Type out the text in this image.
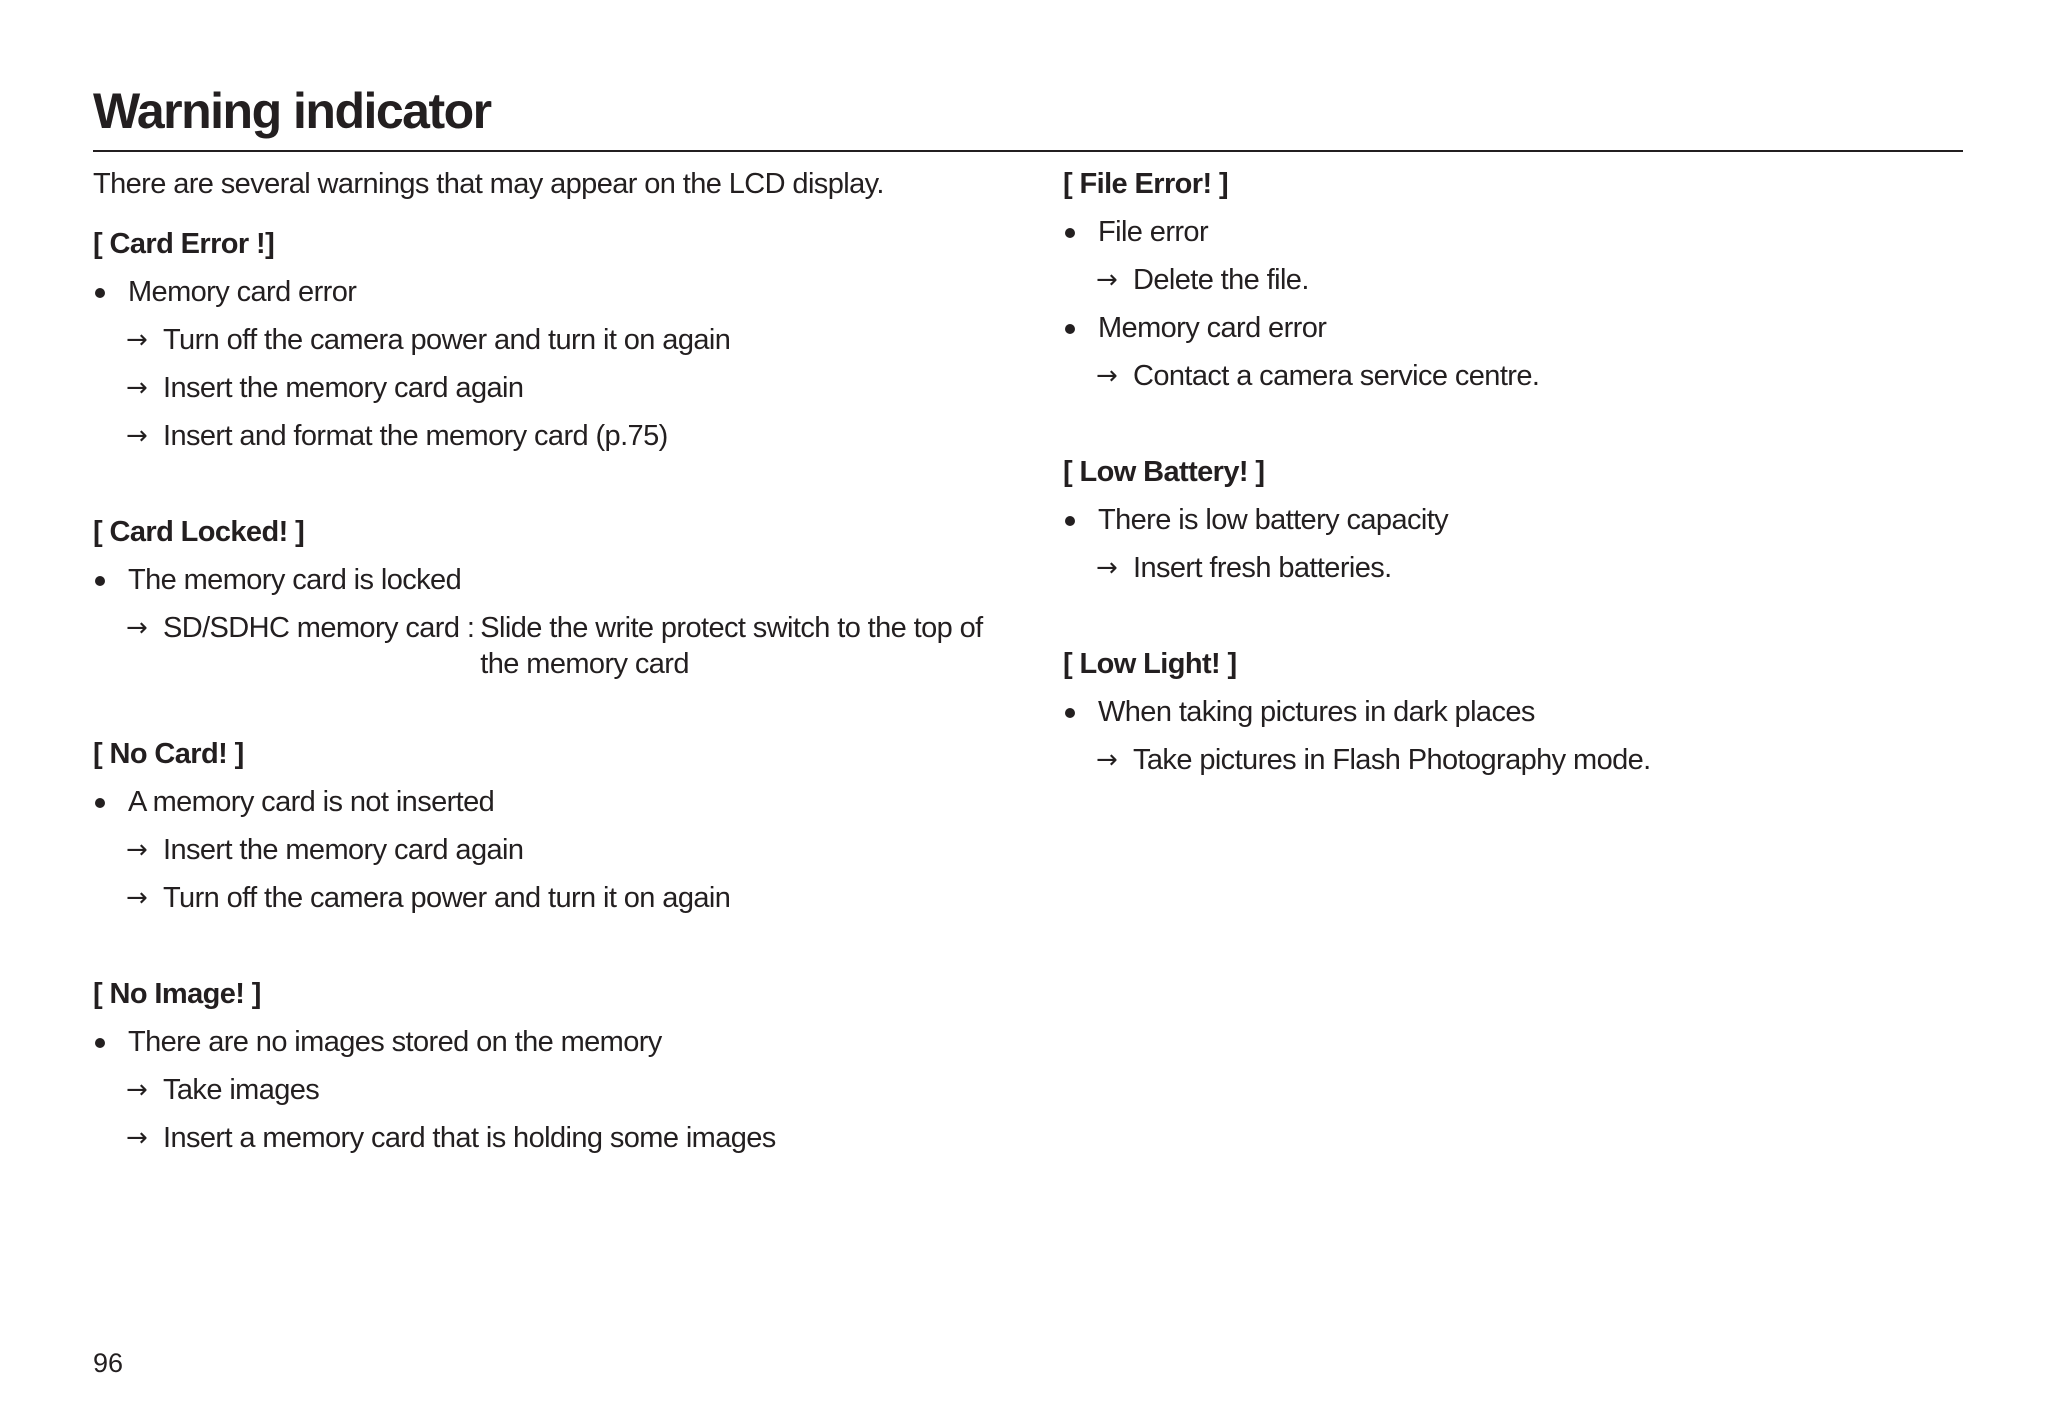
Warning indicator
There are several warnings that may appear on the LCD display.
[ Card Error !]
Memory card error
→ Turn off the camera power and turn it on again
→ Insert the memory card again
→ Insert and format the memory card (p.75)
[ Card Locked! ]
The memory card is locked
→ SD/SDHC memory card : Slide the write protect switch to the top of the memory card
[ No Card! ]
A memory card is not inserted
→ Insert the memory card again
→ Turn off the camera power and turn it on again
[ No Image! ]
There are no images stored on the memory
→ Take images
→ Insert a memory card that is holding some images
[ File Error! ]
File error
→ Delete the file.
Memory card error
→ Contact a camera service centre.
[ Low Battery! ]
There is low battery capacity
→ Insert fresh batteries.
[ Low Light! ]
When taking pictures in dark places
→ Take pictures in Flash Photography mode.
96
